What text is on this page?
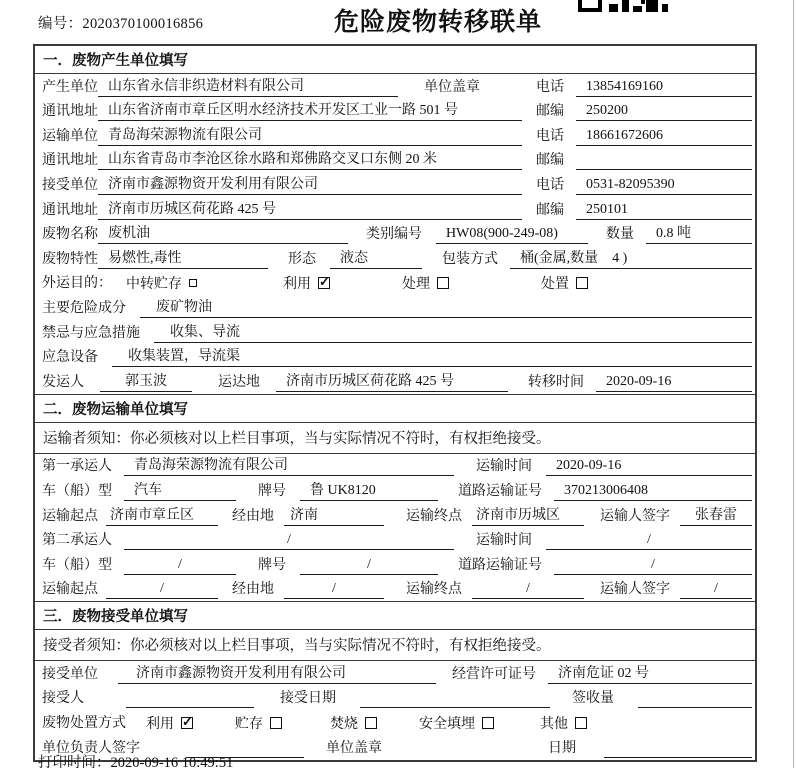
编号：2020370100016856	危险废物转移联单
一．废物产生单位填写
产生单位 山东省永信非织造材料有限公司	单位盖章	电话	13854169160
通讯地址 山东省济南市章丘区明水经济技术开发区工业一路 501 号	邮编	250200
运输单位 青岛海荣源物流有限公司	电话	18661672606
通讯地址 山东省青岛市李沧区徐水路和郑佛路交叉口东侧 20 米	邮编
接受单位 济南市鑫源物资开发利用有限公司	电话	0531-82095390
通讯地址 济南市历城区荷花路 425 号	邮编	250101
废物名称 废机油	类别编号	HW08(900-249-08)	数量	0.8 吨
废物特性 易燃性,毒性	形态	液态	包装方式	桶(金属,数量　4 )
外运目的： 中转贮存	利用 ✓	处理	处置
主要危险成分	废矿物油
禁忌与应急措施	收集、导流
应急设备	收集装置，导流渠
发运人	郭玉波	运达地	济南市历城区荷花路 425 号	转移时间	2020-09-16
二．废物运输单位填写
运输者须知：你必须核对以上栏目事项，当与实际情况不符时，有权拒绝接受。
第一承运人	青岛海荣源物流有限公司	运输时间	2020-09-16
车（船）型	汽车	牌号	鲁 UK8120	道路运输证号	370213006408
运输起点 济南市章丘区	经由地	济南	运输终点 济南市历城区	运输人签字	张春雷
第二承运人	/	运输时间	/
车（船）型	/	牌号	/	道路运输证号	/
运输起点	/	经由地	/	运输终点	/	运输人签字	/
三．废物接受单位填写
接受者须知：你必须核对以上栏目事项，当与实际情况不符时，有权拒绝接受。
接受单位	济南市鑫源物资开发利用有限公司	经营许可证号	济南危证 02 号
接受人	接受日期	签收量
废物处置方式 利用 ✓	贮存	焚烧	安全填埋	其他
单位负责人签字	单位盖章	日期
打印时间：2020-09-16 10:49:51
